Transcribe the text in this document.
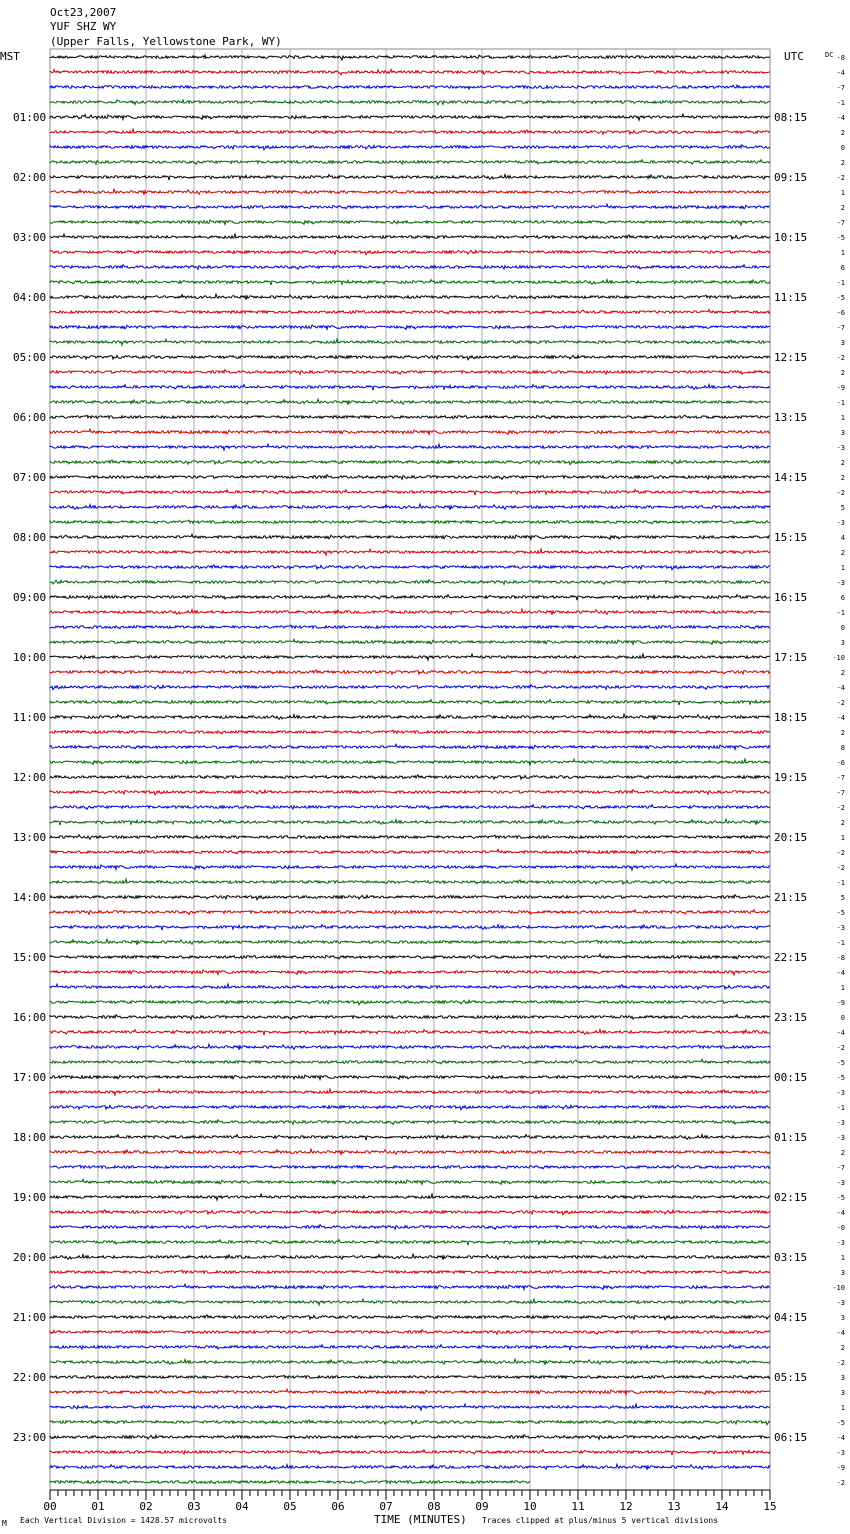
Oct23,2007
YUF SHZ WY
(Upper Falls, Yellowstone Park, WY)
MST	UTC	DC
01:00
02:00
03:00
04:00
05:00
06:00
07:00
08:00
09:00
10:00
11:00
12:00
13:00
14:00
15:00
16:00
17:00
18:00
19:00
20:00
21:00
22:00
23:00
08:15
09:15
10:15
11:15
12:15
13:15
14:15
15:15
16:15
17:15
18:15
19:15
20:15
21:15
22:15
23:15
00:15
01:15
02:15
03:15
04:15
05:15
06:15
-8
-4
-7
-1
-4
2
0
2
-2
1
2
-7
-5
1
6
-1
-5
-6
-7
3
-2
2
-9
-1
1
3
-3
2
2
-2
5
-3
4
2
1
-3
6
-1
0
3
-10
2
-4
-2
-4
2
8
-6
-7
-7
-2
2
1
-2
-2
-1
5
-5
-3
-1
-8
-4
1
-9
0
-4
-2
-5
-5
-3
-1
-3
-3
2
-7
-3
-5
-4
-0
-3
1
3
-10
-3
3
-4
2
-2
3
3
1
-5
-4
-3
-9
-2
00	01	02	03	04	05	06	07	08	09	10	11	12	13	14	15
M Each Vertical Division = 1428.57 microvolts	TIME (MINUTES) Traces clipped at plus/minus 5 vertical divisions
